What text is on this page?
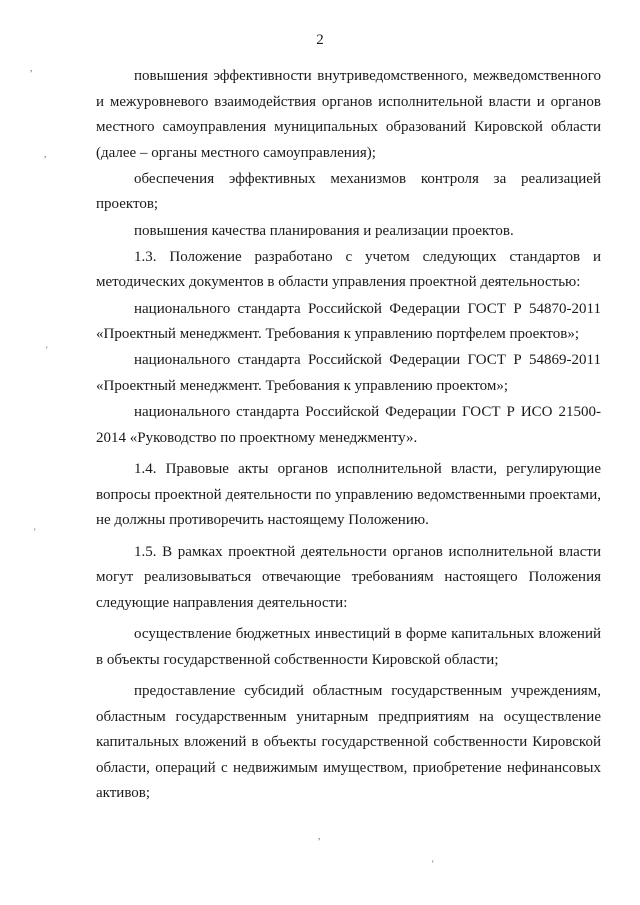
2

повышения эффективности внутриведомственного, межведомственного и межуровневого взаимодействия органов исполнительной власти и органов местного самоуправления муниципальных образований Кировской области (далее – органы местного самоуправления);

обеспечения эффективных механизмов контроля за реализацией проектов;

повышения качества планирования и реализации проектов.

1.3. Положение разработано с учетом следующих стандартов и методических документов в области управления проектной деятельностью:

национального стандарта Российской Федерации ГОСТ Р 54870-2011 «Проектный менеджмент. Требования к управлению портфелем проектов»;

национального стандарта Российской Федерации ГОСТ Р 54869-2011 «Проектный менеджмент. Требования к управлению проектом»;

национального стандарта Российской Федерации ГОСТ Р ИСО 21500-2014 «Руководство по проектному менеджменту».

1.4. Правовые акты органов исполнительной власти, регулирующие вопросы проектной деятельности по управлению ведомственными проектами, не должны противоречить настоящему Положению.

1.5. В рамках проектной деятельности органов исполнительной власти могут реализовываться отвечающие требованиям настоящего Положения следующие направления деятельности:

осуществление бюджетных инвестиций в форме капитальных вложений в объекты государственной собственности Кировской области;

предоставление субсидий областным государственным учреждениям, областным государственным унитарным предприятиям на осуществление капитальных вложений в объекты государственной собственности Кировской области, операций с недвижимым имуществом, приобретение нефинансовых активов;

,
,
'
'
,
'
